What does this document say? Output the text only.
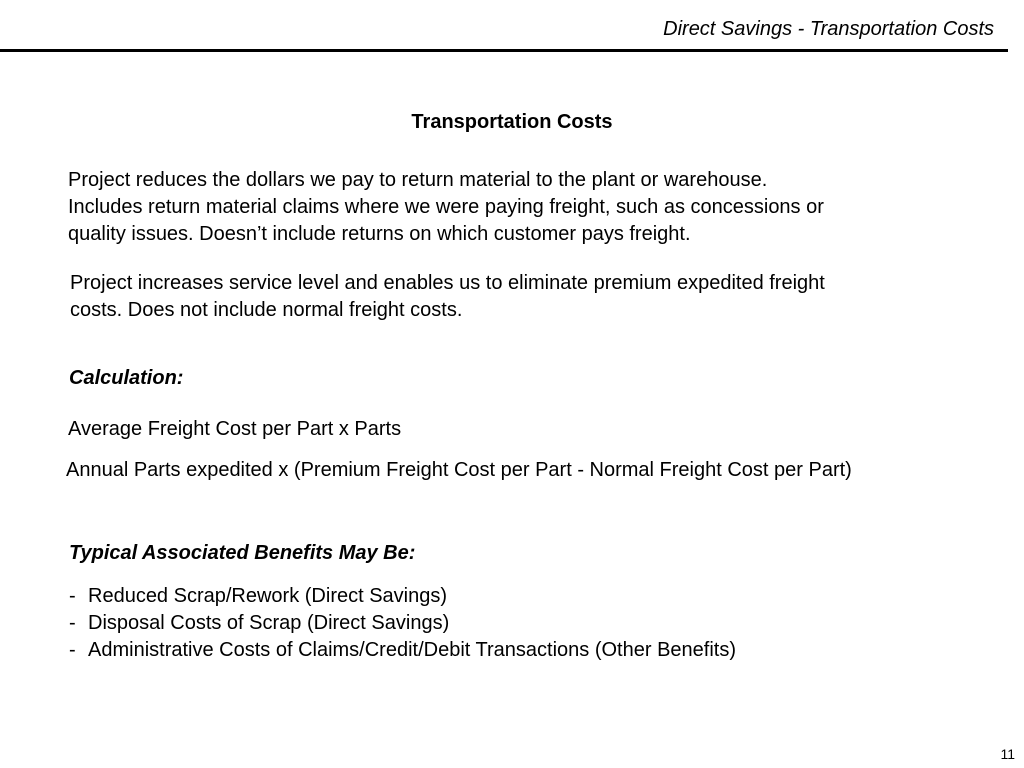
Direct Savings - Transportation Costs
Transportation Costs
Project reduces the dollars we pay to return material to the plant or warehouse.
Includes return material claims where we were paying freight, such as concessions or
quality issues. Doesn’t include returns on which customer pays freight.
Project increases service level and enables us to eliminate premium expedited freight
costs. Does not include normal freight costs.
Calculation:
Average Freight Cost per Part x Parts
Annual Parts expedited x (Premium Freight Cost per Part - Normal Freight Cost per Part)
Typical Associated Benefits May Be:
- Reduced Scrap/Rework (Direct Savings)
- Disposal Costs of Scrap (Direct Savings)
- Administrative Costs of Claims/Credit/Debit Transactions (Other Benefits)
11
